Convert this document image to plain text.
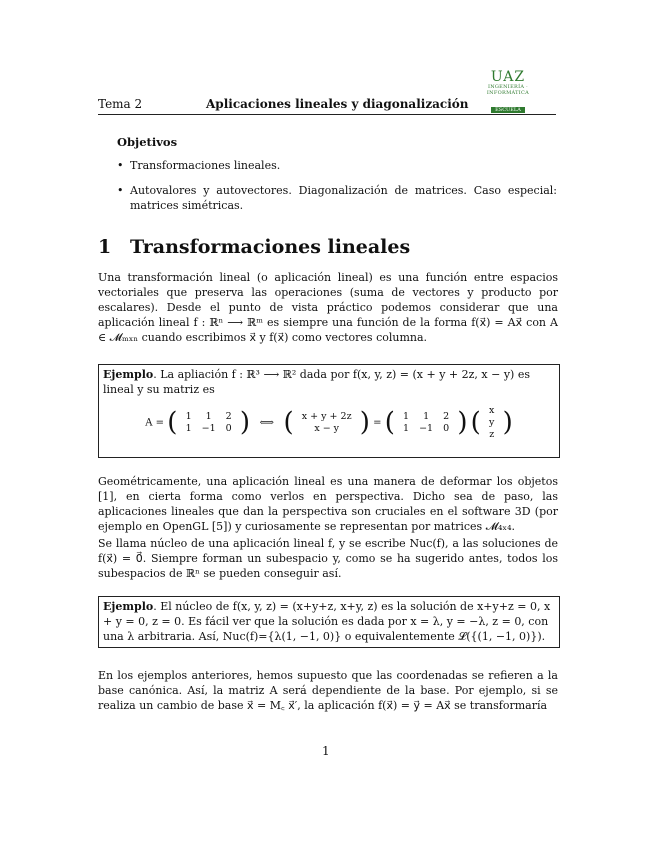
UAZ
INGENIERÍA · INFORMÁTICA
ESCUELA
Tema 2	Aplicaciones lineales y diagonalización
Objetivos
• Transformaciones lineales.
• Autovalores y autovectores. Diagonalización de matrices. Caso especial: matrices simétricas.
1 Transformaciones lineales
Una transformación lineal (o aplicación lineal) es una función entre espacios vectoriales que preserva las operaciones (suma de vectores y producto por escalares). Desde el punto de vista práctico podemos considerar que una aplicación lineal f : ℝⁿ ⟶ ℝᵐ es siempre una función de la forma f(x⃗) = Ax⃗ con A ∈ 𝓜ₘₓₙ cuando escribimos x⃗ y f(x⃗) como vectores columna.
Ejemplo. La apliación f : ℝ³ ⟶ ℝ² dada por f(x, y, z) = (x + y + 2z, x − y) es lineal y su matriz es
A = ( 1	1	2
1	−1	0 ) ⟺ ( x + y + 2z
x − y ) = ( 1	1	2
1	−1	0 ) ( x
y
z )
Geométricamente, una aplicación lineal es una manera de deformar los objetos [1], en cierta forma como verlos en perspectiva. Dicho sea de paso, las aplicaciones lineales que dan la perspectiva son cruciales en el software 3D (por ejemplo en OpenGL [5]) y curiosamente se representan por matrices 𝓜₄ₓ₄.
Se llama núcleo de una aplicación lineal f, y se escribe Nuc(f), a las soluciones de f(x⃗) = 0⃗. Siempre forman un subespacio y, como se ha sugerido antes, todos los subespacios de ℝⁿ se pueden conseguir así.
Ejemplo. El núcleo de f(x, y, z) = (x+y+z, x+y, z) es la solución de x+y+z = 0, x + y = 0, z = 0. Es fácil ver que la solución es dada por x = λ, y = −λ, z = 0, con una λ arbitraria. Así, Nuc(f)={λ(1, −1, 0)} o equivalentemente 𝓛({(1, −1, 0)}).
En los ejemplos anteriores, hemos supuesto que las coordenadas se refieren a la base canónica. Así, la matriz A será dependiente de la base. Por ejemplo, si se realiza un cambio de base x⃗ = M꜀ x⃗′, la aplicación f(x⃗) = y⃗ = Ax⃗ se transformaría
1
